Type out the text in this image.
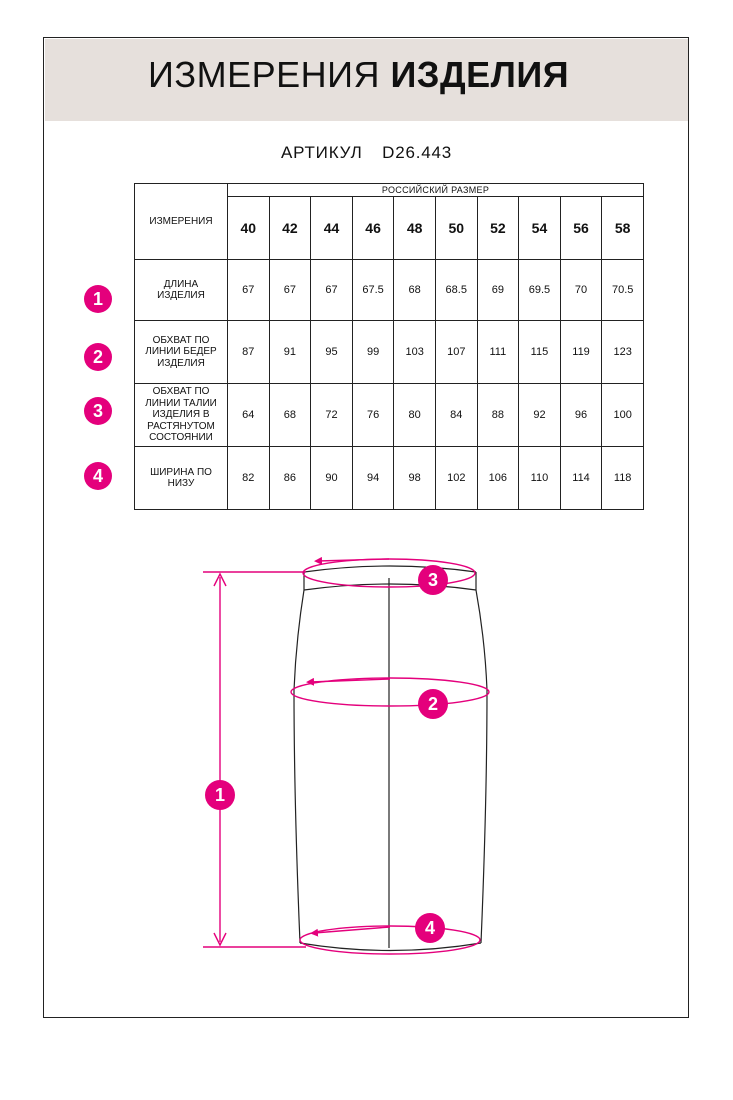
ИЗМЕРЕНИЯ ИЗДЕЛИЯ
АРТИКУЛ D26.443
ИЗМЕРЕНИЯ	РОССИЙСКИЙ РАЗМЕР									
	40	42	44	46	48	50	52	54	56	58
ДЛИНА ИЗДЕЛИЯ	67	67	67	67.5	68	68.5	69	69.5	70	70.5
ОБХВАТ ПО ЛИНИИ БЕДЕР ИЗДЕЛИЯ	87	91	95	99	103	107	111	115	119	123
ОБХВАТ ПО ЛИНИИ ТАЛИИ ИЗДЕЛИЯ В РАСТЯНУТОМ СОСТОЯНИИ	64	68	72	76	80	84	88	92	96	100
ШИРИНА ПО НИЗУ	82	86	90	94	98	102	106	110	114	118
1
2
3
4
3
2
1
4
